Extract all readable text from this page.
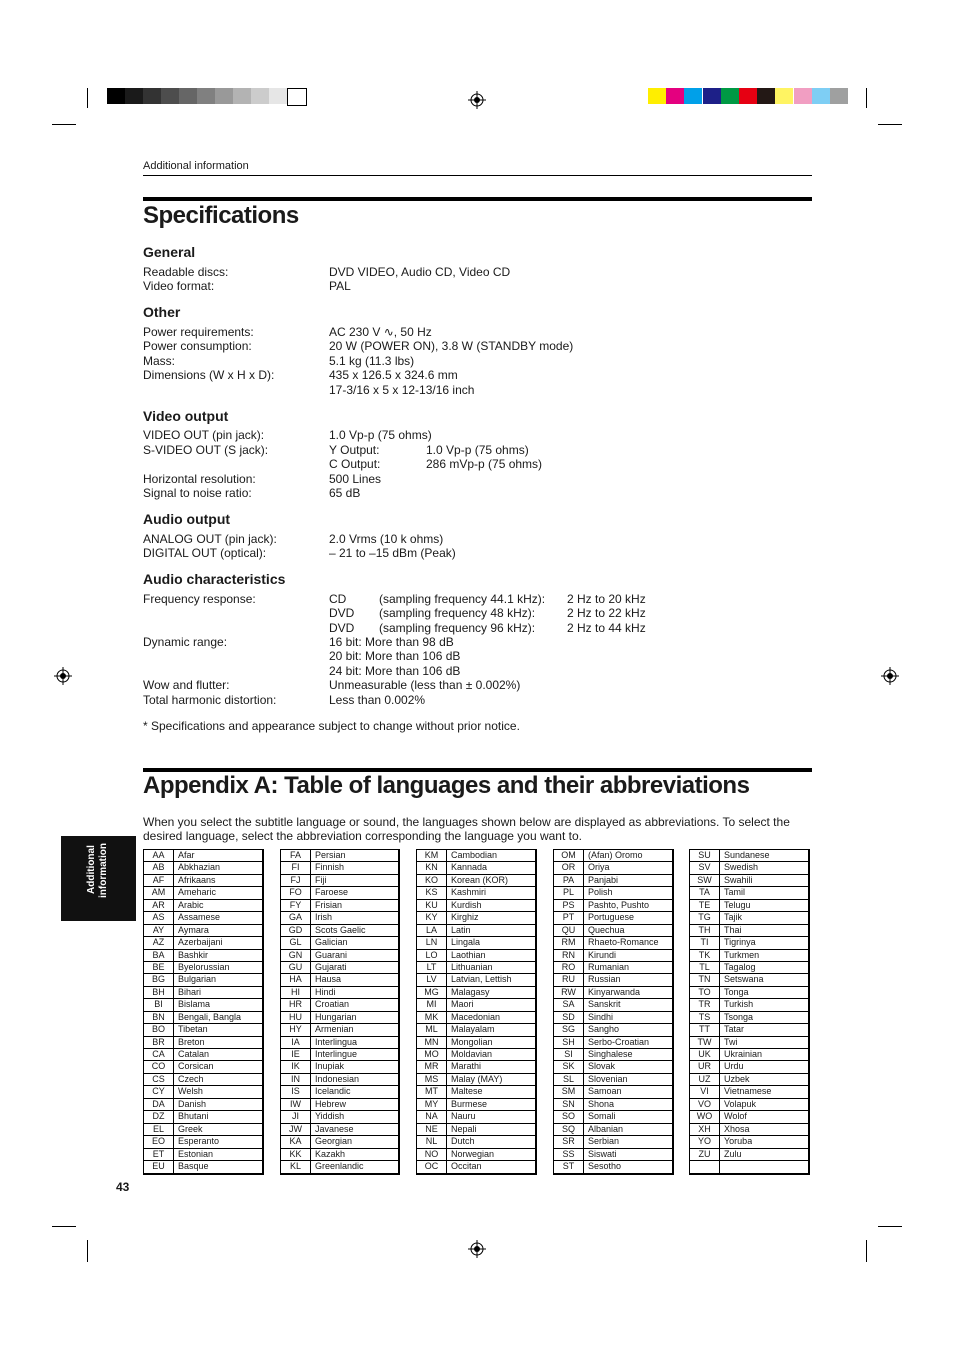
Additional information
Specifications
General
Readable discs:	DVD VIDEO, Audio CD, Video CD
Video format:	PAL
Other
Power requirements:	AC 230 V ∿, 50 Hz
Power consumption:	20 W (POWER ON), 3.8 W (STANDBY mode)
Mass:	5.1 kg (11.3 lbs)
Dimensions (W x H x D):	435 x 126.5 x 324.6 mm
17-3/16 x 5 x 12-13/16 inch
Video output
VIDEO OUT (pin jack):	1.0 Vp-p (75 ohms)
S-VIDEO OUT (S jack):	Y Output:	1.0 Vp-p (75 ohms)
C Output:	286 mVp-p (75 ohms)
Horizontal resolution:	500 Lines
Signal to noise ratio:	65 dB
Audio output
ANALOG OUT (pin jack):	2.0 Vrms (10 k ohms)
DIGITAL OUT (optical):	– 21 to –15 dBm (Peak)
Audio characteristics
Frequency response:	CD	(sampling frequency 44.1 kHz): 2 Hz to 20 kHz
DVD (sampling frequency 48 kHz):	2 Hz to 22 kHz
DVD (sampling frequency 96 kHz):	2 Hz to 44 kHz
Dynamic range:	16 bit: More than 98 dB
20 bit: More than 106 dB
24 bit: More than 106 dB
Wow and flutter:	Unmeasurable (less than ± 0.002%)
Total harmonic distortion:	Less than 0.002%
* Specifications and appearance subject to change without prior notice.
Appendix A: Table of languages and their abbreviations
When you select the subtitle language or sound, the languages shown below are displayed as abbreviations. To select the desired language, select the abbreviation corresponding the language you want to.
Additional information
43
AA	Afar
AB	Abkhazian
AF	Afrikaans
AM	Ameharic
AR	Arabic
AS	Assamese
AY	Aymara
AZ	Azerbaijani
BA	Bashkir
BE	Byelorussian
BG	Bulgarian
BH	Bihari
BI	Bislama
BN	Bengali, Bangla
BO	Tibetan
BR	Breton
CA	Catalan
CO	Corsican
CS	Czech
CY	Welsh
DA	Danish
DZ	Bhutani
EL	Greek
EO	Esperanto
ET	Estonian
EU	Basque
FA	Persian
FI	Finnish
FJ	Fiji
FO	Faroese
FY	Frisian
GA	Irish
GD	Scots Gaelic
GL	Galician
GN	Guarani
GU	Gujarati
HA	Hausa
HI	Hindi
HR	Croatian
HU	Hungarian
HY	Armenian
IA	Interlingua
IE	Interlingue
IK	Inupiak
IN	Indonesian
IS	Icelandic
IW	Hebrew
JI	Yiddish
JW	Javanese
KA	Georgian
KK	Kazakh
KL	Greenlandic
KM	Cambodian
KN	Kannada
KO	Korean (KOR)
KS	Kashmiri
KU	Kurdish
KY	Kirghiz
LA	Latin
LN	Lingala
LO	Laothian
LT	Lithuanian
LV	Latvian, Lettish
MG	Malagasy
MI	Maori
MK	Macedonian
ML	Malayalam
MN	Mongolian
MO	Moldavian
MR	Marathi
MS	Malay (MAY)
MT	Maltese
MY	Burmese
NA	Nauru
NE	Nepali
NL	Dutch
NO	Norwegian
OC	Occitan
OM	(Afan) Oromo
OR	Oriya
PA	Panjabi
PL	Polish
PS	Pashto, Pushto
PT	Portuguese
QU	Quechua
RM	Rhaeto-Romance
RN	Kirundi
RO	Rumanian
RU	Russian
RW	Kinyarwanda
SA	Sanskrit
SD	Sindhi
SG	Sangho
SH	Serbo-Croatian
SI	Singhalese
SK	Slovak
SL	Slovenian
SM	Samoan
SN	Shona
SO	Somali
SQ	Albanian
SR	Serbian
SS	Siswati
ST	Sesotho
SU	Sundanese
SV	Swedish
SW	Swahili
TA	Tamil
TE	Telugu
TG	Tajik
TH	Thai
TI	Tigrinya
TK	Turkmen
TL	Tagalog
TN	Setswana
TO	Tonga
TR	Turkish
TS	Tsonga
TT	Tatar
TW	Twi
UK	Ukrainian
UR	Urdu
UZ	Uzbek
VI	Vietnamese
VO	Volapuk
WO	Wolof
XH	Xhosa
YO	Yoruba
ZU	Zulu
